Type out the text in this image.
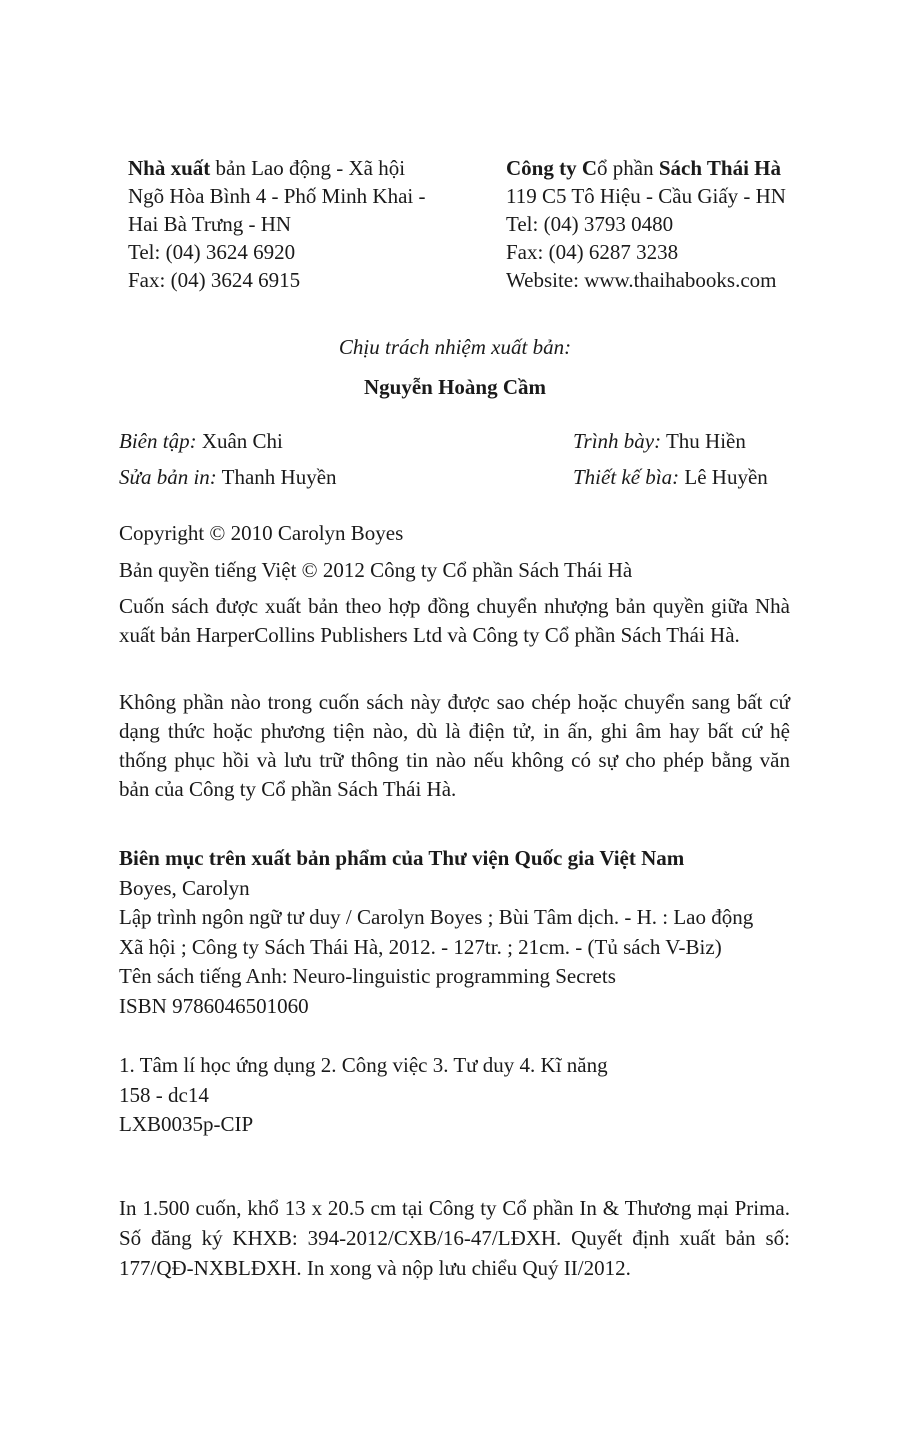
Nhà xuất bản Lao động - Xã hội
Ngõ Hòa Bình 4 - Phố Minh Khai -
Hai Bà Trưng - HN
Tel: (04) 3624 6920
Fax: (04) 3624 6915
Công ty Cổ phần Sách Thái Hà
119 C5 Tô Hiệu - Cầu Giấy - HN
Tel: (04) 3793 0480
Fax: (04) 6287 3238
Website: www.thaihabooks.com
Chịu trách nhiệm xuất bản:
Nguyễn Hoàng Cầm
Biên tập: Xuân Chi	Trình bày: Thu Hiền
Sửa bản in: Thanh Huyền	Thiết kế bìa: Lê Huyền
Copyright © 2010 Carolyn Boyes
Bản quyền tiếng Việt © 2012 Công ty Cổ phần Sách Thái Hà
Cuốn sách được xuất bản theo hợp đồng chuyển nhượng bản quyền giữa Nhà xuất bản HarperCollins Publishers Ltd và Công ty Cổ phần Sách Thái Hà.
Không phần nào trong cuốn sách này được sao chép hoặc chuyển sang bất cứ dạng thức hoặc phương tiện nào, dù là điện tử, in ấn, ghi âm hay bất cứ hệ thống phục hồi và lưu trữ thông tin nào nếu không có sự cho phép bằng văn bản của Công ty Cổ phần Sách Thái Hà.
Biên mục trên xuất bản phẩm của Thư viện Quốc gia Việt Nam
Boyes, Carolyn
Lập trình ngôn ngữ tư duy / Carolyn Boyes ; Bùi Tâm dịch. - H. : Lao động
Xã hội ; Công ty Sách Thái Hà, 2012. - 127tr. ; 21cm. - (Tủ sách V-Biz)
Tên sách tiếng Anh: Neuro-linguistic programming Secrets
ISBN 9786046501060
1. Tâm lí học ứng dụng 2. Công việc 3. Tư duy 4. Kĩ năng
158 - dc14
LXB0035p-CIP
In 1.500 cuốn, khổ 13 x 20.5 cm tại Công ty Cổ phần In & Thương mại Prima. Số đăng ký KHXB: 394-2012/CXB/16-47/LĐXH. Quyết định xuất bản số: 177/QĐ-NXBLĐXH. In xong và nộp lưu chiểu Quý II/2012.
